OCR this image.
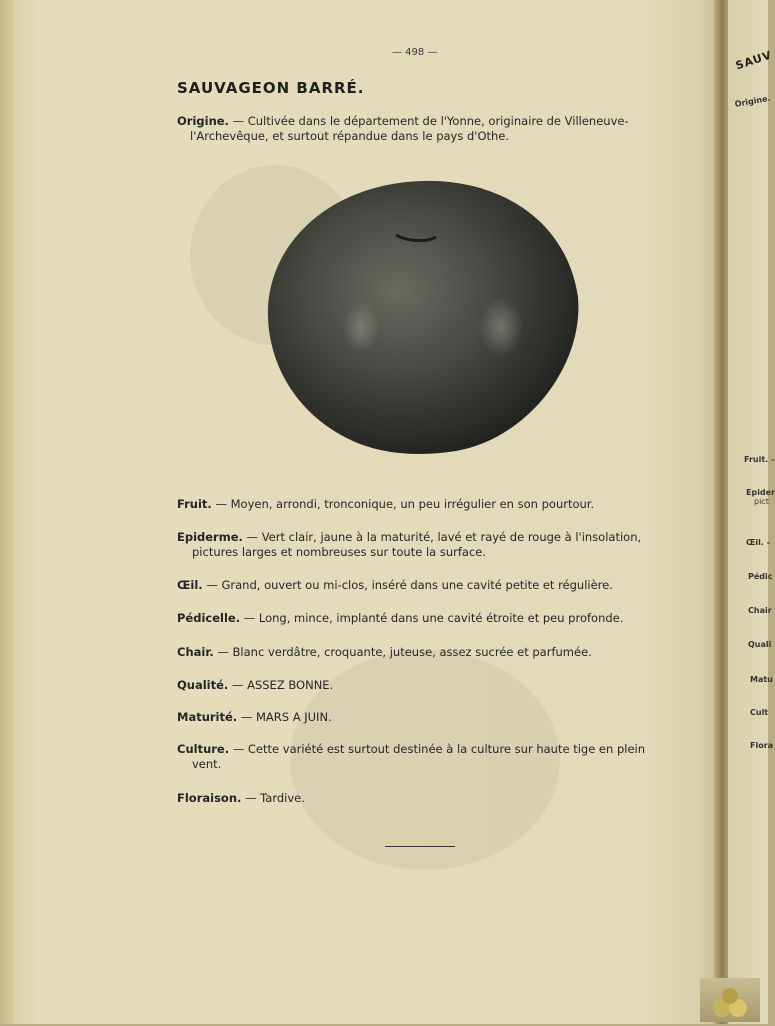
— 498 —
SAUVAGEON BARRÉ.
Origine. — Cultivée dans le département de l'Yonne, originaire de Villeneuve-
l'Archevêque, et surtout répandue dans le pays d'Othe.
Fruit. — Moyen, arrondi, tronconique, un peu irrégulier en son pourtour.
Epiderme. — Vert clair, jaune à la maturité, lavé et rayé de rouge à l'insolation,
pictures larges et nombreuses sur toute la surface.
Œil. — Grand, ouvert ou mi-clos, inséré dans une cavité petite et régulière.
Pédicelle. — Long, mince, implanté dans une cavité étroite et peu profonde.
Chair. — Blanc verdâtre, croquante, juteuse, assez sucrée et parfumée.
Qualité. — ASSEZ BONNE.
Maturité. — MARS A JUIN.
Culture. — Cette variété est surtout destinée à la culture sur haute tige en plein
vent.
Floraison. — Tardive.
SAUV
Origine.
Fruit. -
Epider
pict
Œil. -
Pédic
Chair
Quali
Matu
Cult
Flora
